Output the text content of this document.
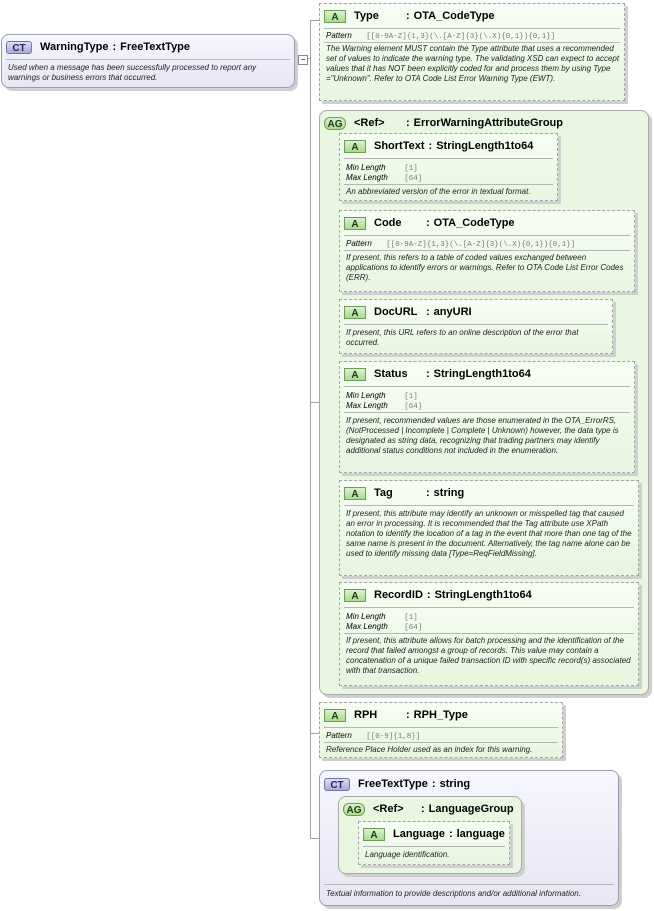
CT	WarningType : FreeTextType
Used when a message has been successfully processed to report any warnings or business errors that occurred.
−
A	Type	: OTA_CodeType
Pattern [[0-9A-Z]{1,3}(\.[A-Z]{3}(\.X){0,1}){0,1}]
The Warning element MUST contain the Type attribute that uses a recommended set of values to indicate the warning type. The validating XSD can expect to accept values that it has NOT been explicitly coded for and process them by using Type ="Unknown". Refer to OTA Code List Error Warning Type (EWT).
AG	<Ref>	: ErrorWarningAttributeGroup
A	ShortText : StringLength1to64
Min Length [1]
Max Length [64]
An abbreviated version of the error in textual format.
A	Code	: OTA_CodeType
Pattern [[0-9A-Z]{1,3}(\.[A-Z]{3}(\.X){0,1}){0,1}]
If present, this refers to a table of coded values exchanged between applications to identify errors or warnings. Refer to OTA Code List Error Codes (ERR).
A	DocURL : anyURI
If present, this URL refers to an online description of the error that occurred.
A	Status	: StringLength1to64
Min Length [1]
Max Length [64]
If present, recommended values are those enumerated in the OTA_ErrorRS, (NotProcessed | Incomplete | Complete | Unknown) however, the data type is designated as string data, recognizing that trading partners may identify additional status conditions not included in the enumeration.
A	Tag	: string
If present, this attribute may identify an unknown or misspelled tag that caused an error in processing. It is recommended that the Tag attribute use XPath notation to identify the location of a tag in the event that more than one tag of the same name is present in the document. Alternatively, the tag name alone can be used to identify missing data [Type=ReqFieldMissing].
A	RecordID : StringLength1to64
Min Length [1]
Max Length [64]
If present, this attribute allows for batch processing and the identification of the record that failed amongst a group of records. This value may contain a concatenation of a unique failed transaction ID with specific record(s) associated with that transaction.
A	RPH	: RPH_Type
Pattern [[0-9]{1,8}]
Reference Place Holder used as an index for this warning.
CT	FreeTextType : string
Textual information to provide descriptions and/or additional information.
AG	<Ref>	: LanguageGroup
A	Language : language
Language identification.
